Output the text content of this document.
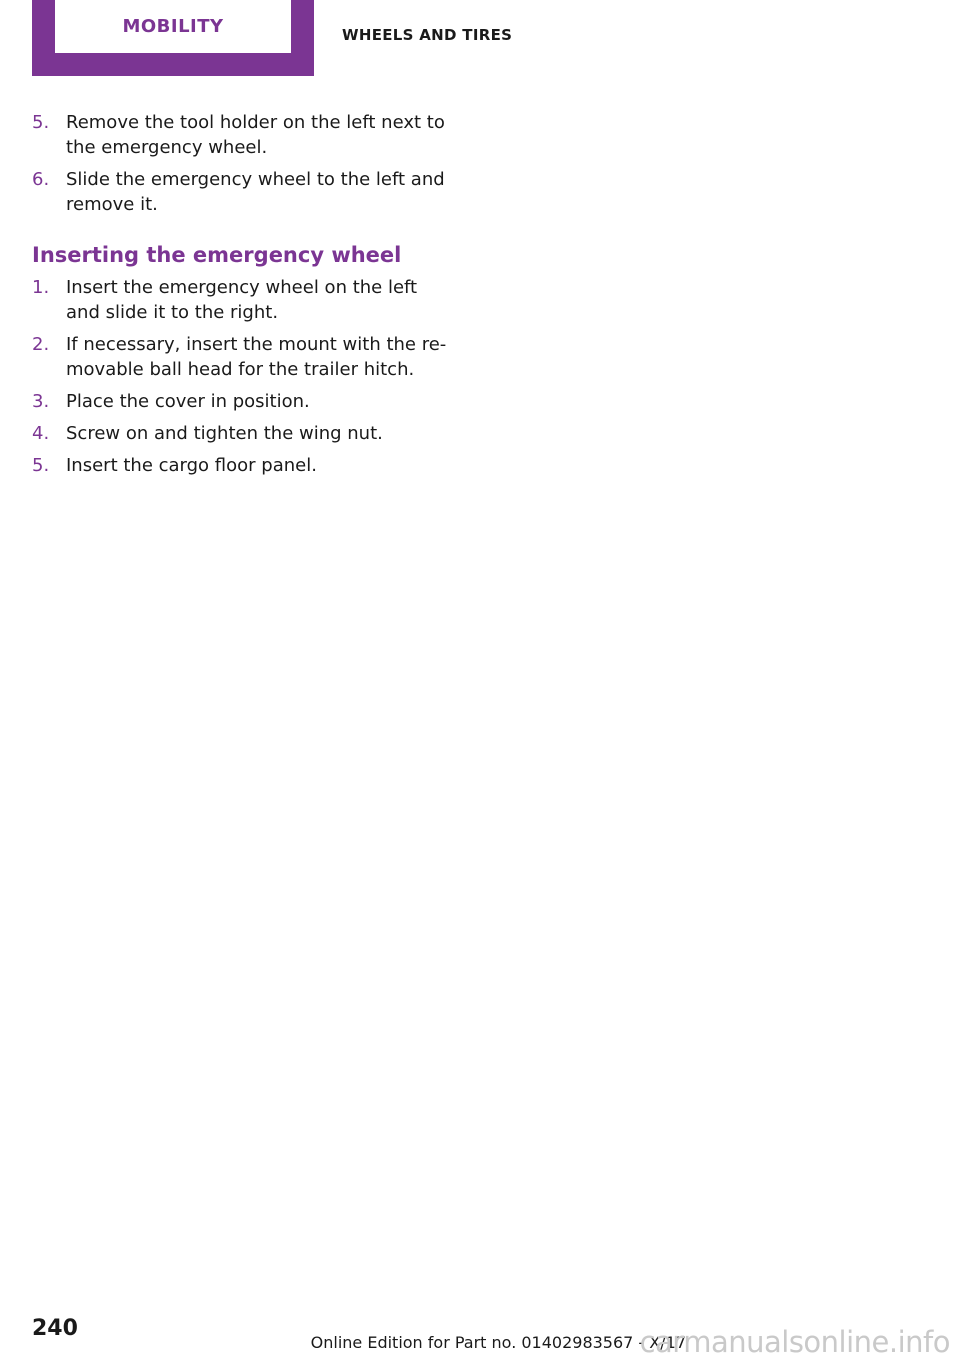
MOBILITY	WHEELS AND TIRES
5. Remove the tool holder on the left next to the emergency wheel.
6. Slide the emergency wheel to the left and remove it.
Inserting the emergency wheel
1. Insert the emergency wheel on the left and slide it to the right.
2. If necessary, insert the mount with the re‐ movable ball head for the trailer hitch.
3. Place the cover in position.
4. Screw on and tighten the wing nut.
5. Insert the cargo floor panel.
240
Online Edition for Part no. 01402983567 - X/17
carmanualsonline.info
